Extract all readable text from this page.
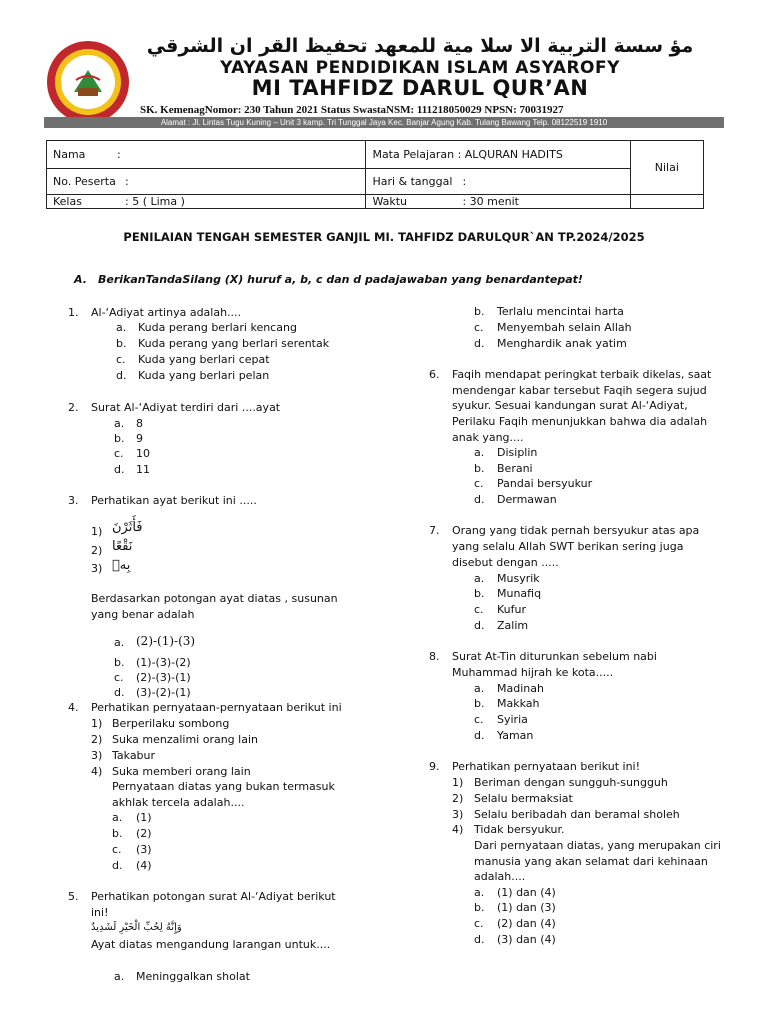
مؤ سسة التربية الا سلا مية للمعهد تحفيظ القر ان الشرقي
YAYASAN PENDIDIKAN ISLAM ASYAROFY
MI TAHFIDZ DARUL QUR’AN
SK. KemenagNomor: 230 Tahun 2021 Status SwastaNSM: 111218050029 NPSN: 70031927
Alamat : Jl. Lintas Tugu Kuning – Unit 3 kamp. Tri Tunggal Jaya Kec. Banjar Agung Kab. Tulang Bawang Telp. 08122519 1910
Nama :	Mata Pelajaran : ALQURAN HADITS	Nilai
No. Peserta :	Hari & tanggal :	
Kelas : 5 ( Lima )	Waktu : 30 menit	
PENILAIAN TENGAH SEMESTER GANJIL MI. TAHFIDZ DARULQUR`AN TP.2024/2025
A. BerikanTandaSilang (X) huruf a, b, c dan d padajawaban yang benardantepat!
1. Al-‘Adiyat artinya adalah....
a. Kuda perang berlari kencang
b. Kuda perang yang berlari serentak
c. Kuda yang berlari cepat
d. Kuda yang berlari pelan
2. Surat Al-‘Adiyat terdiri dari ....ayat
a. 8
b. 9
c. 10
d. 11
3. Perhatikan ayat berikut ini .....
1) فَأَثَرْنَ
2) نَقْعًا
3) بِهٖ
Berdasarkan potongan ayat diatas , susunan
yang benar adalah
a. (2)-(1)-(3)
b. (1)-(3)-(2)
c. (2)-(3)-(1)
d. (3)-(2)-(1)
4. Perhatikan pernyataan-pernyataan berikut ini
1) Berperilaku sombong
2) Suka menzalimi orang lain
3) Takabur
4) Suka memberi orang lain
Pernyataan diatas yang bukan termasuk
akhlak tercela adalah....
a. (1)
b. (2)
c. (3)
d. (4)
5. Perhatikan potongan surat Al-‘Adiyat berikut
ini!
وَإِنَّهُ لِحُبِّ الْخَيْرِ لَشَدِيدٌ
Ayat diatas mengandung larangan untuk....
a. Meninggalkan sholat
b. Terlalu mencintai harta
c. Menyembah selain Allah
d. Menghardik anak yatim
6. Faqih mendapat peringkat terbaik dikelas, saat
mendengar kabar tersebut Faqih segera sujud
syukur. Sesuai kandungan surat Al-‘Adiyat,
Perilaku Faqih menunjukkan bahwa dia adalah
anak yang....
a. Disiplin
b. Berani
c. Pandai bersyukur
d. Dermawan
7. Orang yang tidak pernah bersyukur atas apa
yang selalu Allah SWT berikan sering juga
disebut dengan .....
a. Musyrik
b. Munafiq
c. Kufur
d. Zalim
8. Surat At-Tin diturunkan sebelum nabi
Muhammad hijrah ke kota.....
a. Madinah
b. Makkah
c. Syiria
d. Yaman
9. Perhatikan pernyataan berikut ini!
1) Beriman dengan sungguh-sungguh
2) Selalu bermaksiat
3) Selalu beribadah dan beramal sholeh
4) Tidak bersyukur.
Dari pernyataan diatas, yang merupakan ciri
manusia yang akan selamat dari kehinaan
adalah....
a. (1) dan (4)
b. (1) dan (3)
c. (2) dan (4)
d. (3) dan (4)
